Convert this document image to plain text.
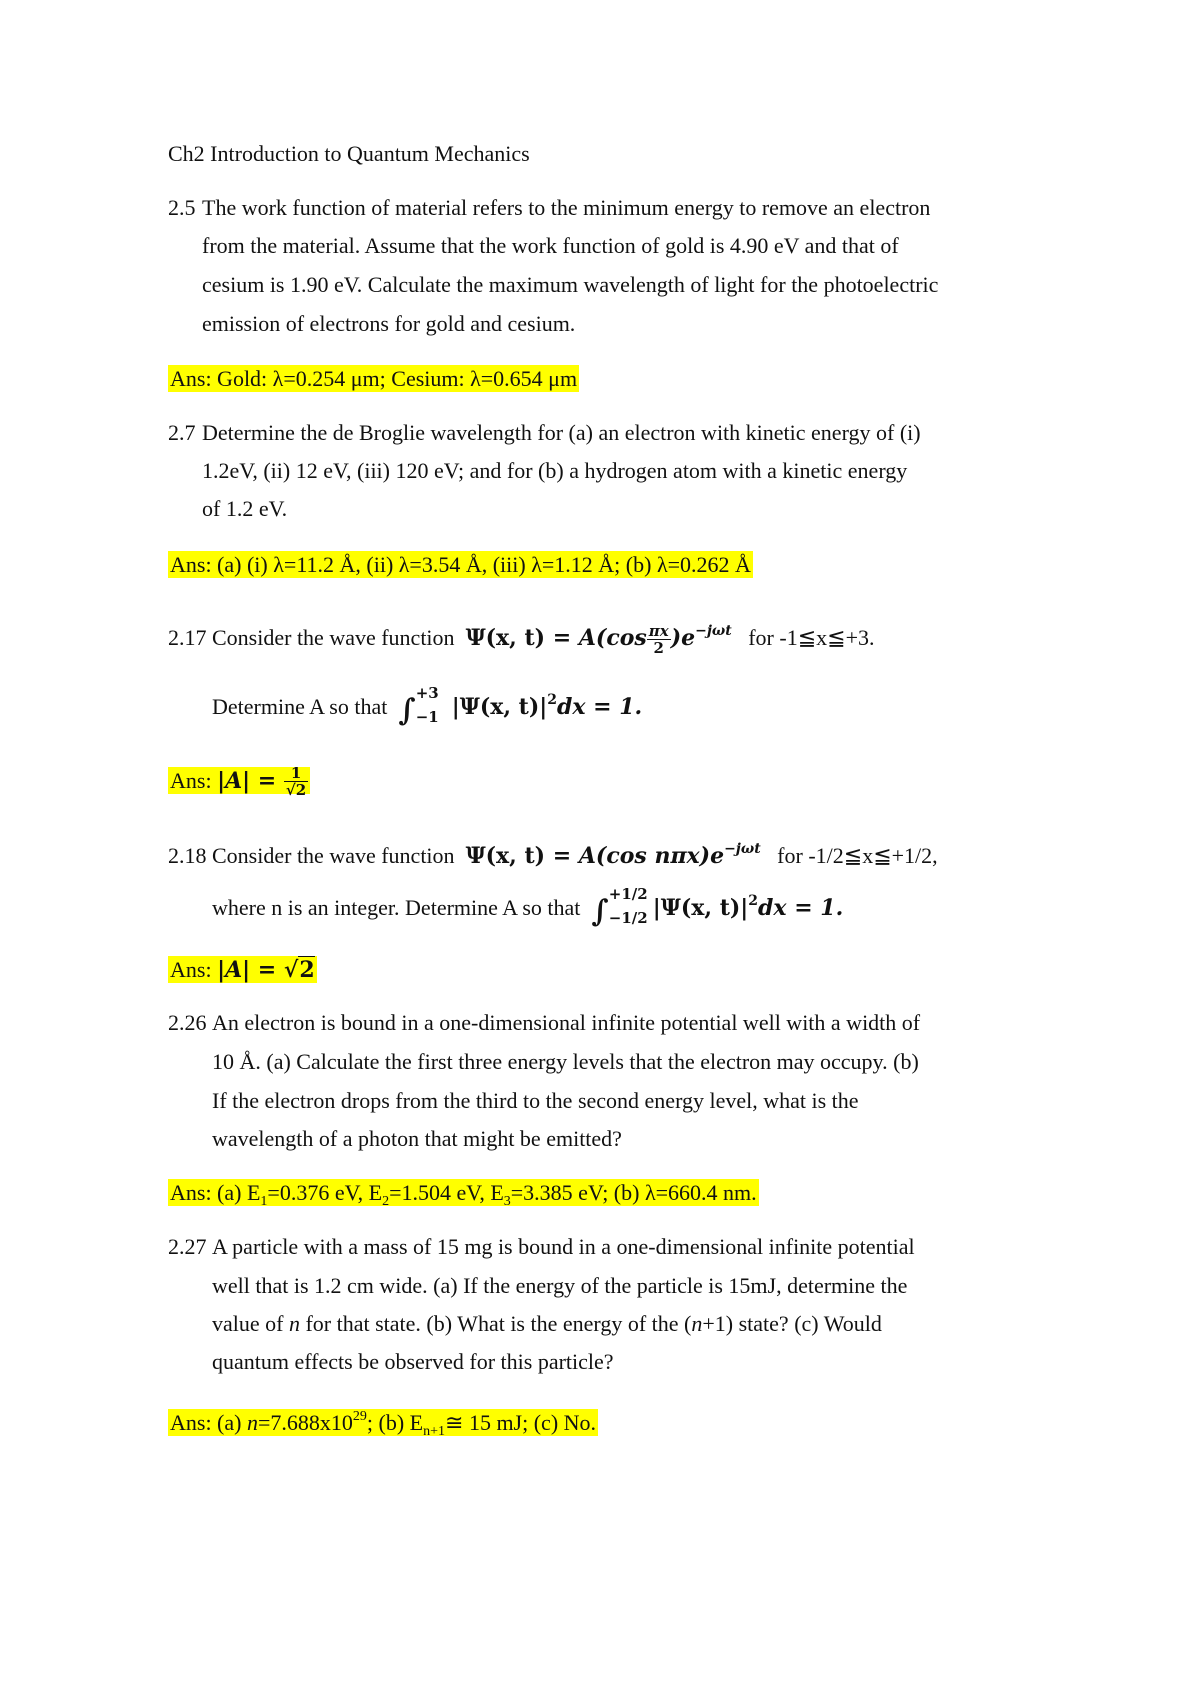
Ch2 Introduction to Quantum Mechanics
2.5 The work function of material refers to the minimum energy to remove an electron
from the material. Assume that the work function of gold is 4.90 eV and that of
cesium is 1.90 eV. Calculate the maximum wavelength of light for the photoelectric
emission of electrons for gold and cesium.
Ans: Gold: λ=0.254 μm; Cesium: λ=0.654 μm
2.7 Determine the de Broglie wavelength for (a) an electron with kinetic energy of (i)
1.2eV, (ii) 12 eV, (iii) 120 eV; and for (b) a hydrogen atom with a kinetic energy
of 1.2 eV.
Ans: (a) (i) λ=11.2 Å, (ii) λ=3.54 Å, (iii) λ=1.12 Å; (b) λ=0.262 Å
2.17 Consider the wave function Ψ(x, $t) = A(\cos \frac{\pi x}{2} )e^{-j\omega t}$ for -1≦x≦+3.
Determine A so that ∫ +3
−1 |Ψ(x, $t)|^2dx = 1$.
Ans: $|A| = \frac{1}{√2}$
2.18 Consider the wave function Ψ(x, t) = A(cos $n\pi x)e^{-j\omega t}$ for -1/2≦x≦+1/2,
where n is an integer. Determine A so that ∫ +1/2
−1/2 |Ψ(x, $t)|^2dx = 1$.
Ans: |A| = √2
2.26 An electron is bound in a one-dimensional infinite potential well with a width of
10 Å. (a) Calculate the first three energy levels that the electron may occupy. (b)
If the electron drops from the third to the second energy level, what is the
wavelength of a photon that might be emitted?
Ans: (a) $E_1=0.376$ eV, $E_2=1.504$ eV, $E_3=3.385$ eV; (b) λ=660.4 nm.
2.27 A particle with a mass of 15 mg is bound in a one-dimensional infinite potential
well that is 1.2 cm wide. (a) If the energy of the particle is 15mJ, determine the
value of n for that state. (b) What is the energy of the (n+1) state? (c) Would
quantum effects be observed for this particle?
Ans: (a) $n=7.688x10^{29}$; (b) $E_{n+1}≅$ 15 mJ; (c) No.
